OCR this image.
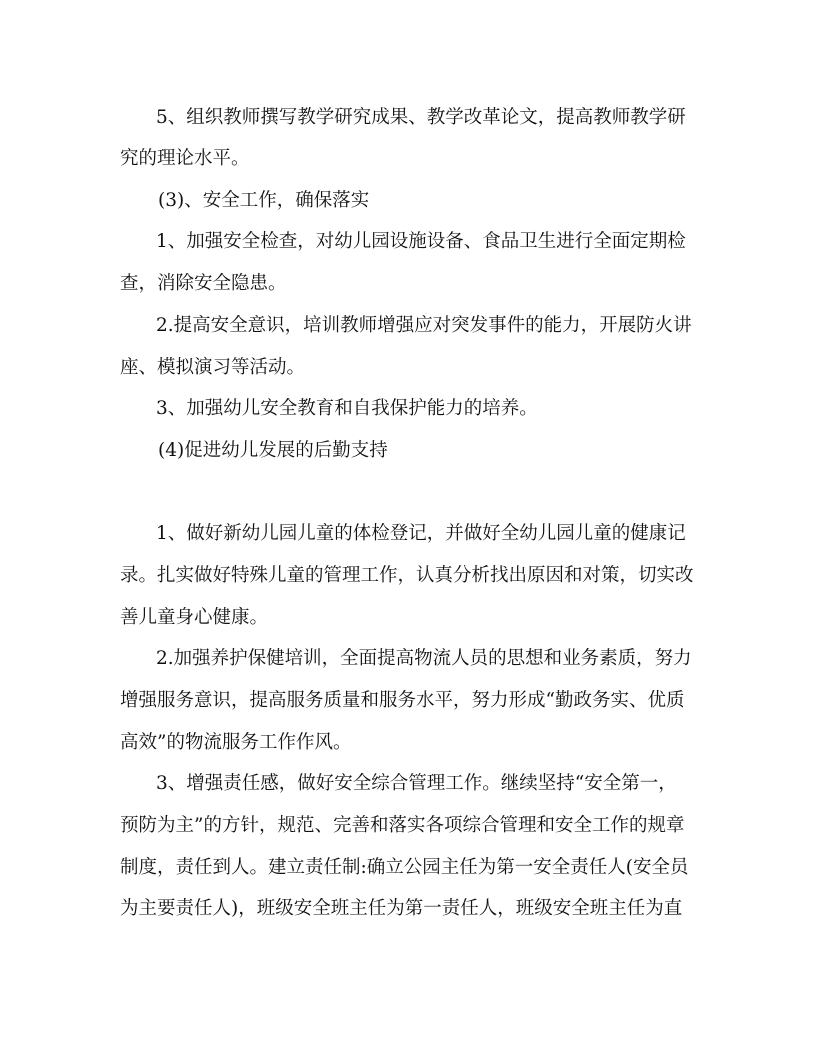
5、组织教师撰写教学研究成果、教学改革论文，提高教师教学研
究的理论水平。
(3)、安全工作，确保落实
1、加强安全检查，对幼儿园设施设备、食品卫生进行全面定期检
查，消除安全隐患。
2.提高安全意识，培训教师增强应对突发事件的能力，开展防火讲
座、模拟演习等活动。
3、加强幼儿安全教育和自我保护能力的培养。
(4)促进幼儿发展的后勤支持
1、做好新幼儿园儿童的体检登记，并做好全幼儿园儿童的健康记
录。扎实做好特殊儿童的管理工作，认真分析找出原因和对策，切实改
善儿童身心健康。
2.加强养护保健培训，全面提高物流人员的思想和业务素质，努力
增强服务意识，提高服务质量和服务水平，努力形成“勤政务实、优质
高效”的物流服务工作作风。
3、增强责任感，做好安全综合管理工作。继续坚持“安全第一，
预防为主”的方针，规范、完善和落实各项综合管理和安全工作的规章
制度，责任到人。建立责任制:确立公园主任为第一安全责任人(安全员
为主要责任人)，班级安全班主任为第一责任人，班级安全班主任为直
